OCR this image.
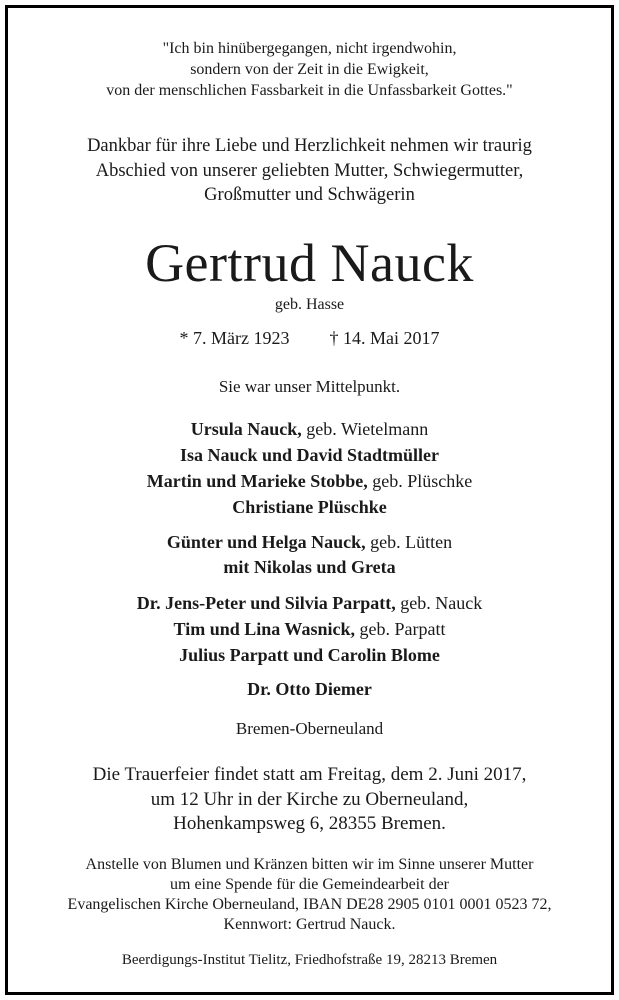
"Ich bin hinübergegangen, nicht irgendwohin,
sondern von der Zeit in die Ewigkeit,
von der menschlichen Fassbarkeit in die Unfassbarkeit Gottes."
Dankbar für ihre Liebe und Herzlichkeit nehmen wir traurig
Abschied von unserer geliebten Mutter, Schwiegermutter,
Großmutter und Schwägerin
Gertrud Nauck
geb. Hasse
* 7. März 1923 † 14. Mai 2017
Sie war unser Mittelpunkt.
Ursula Nauck, geb. Wietelmann
Isa Nauck und David Stadtmüller
Martin und Marieke Stobbe, geb. Plüschke
Christiane Plüschke
Günter und Helga Nauck, geb. Lütten
mit Nikolas und Greta
Dr. Jens-Peter und Silvia Parpatt, geb. Nauck
Tim und Lina Wasnick, geb. Parpatt
Julius Parpatt und Carolin Blome
Dr. Otto Diemer
Bremen-Oberneuland
Die Trauerfeier findet statt am Freitag, dem 2. Juni 2017,
um 12 Uhr in der Kirche zu Oberneuland,
Hohenkampsweg 6, 28355 Bremen.
Anstelle von Blumen und Kränzen bitten wir im Sinne unserer Mutter
um eine Spende für die Gemeindearbeit der
Evangelischen Kirche Oberneuland, IBAN DE28 2905 0101 0001 0523 72,
Kennwort: Gertrud Nauck.
Beerdigungs-Institut Tielitz, Friedhofstraße 19, 28213 Bremen
